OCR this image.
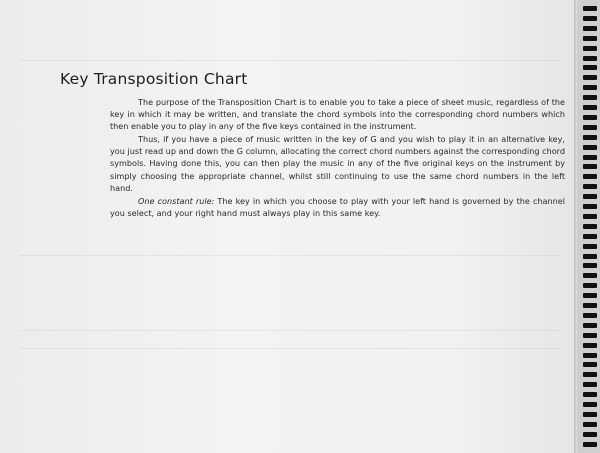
Key Transposition Chart

The purpose of the Transposition Chart is to enable you to take a piece of sheet music, regardless of the key in which it may be written, and translate the chord symbols into the corresponding chord numbers which then enable you to play in any of the five keys contained in the instrument.

Thus, if you have a piece of music written in the key of G and you wish to play it in an alternative key, you just read up and down the G column, allocating the correct chord numbers against the corresponding chord symbols. Having done this, you can then play the music in any of the five original keys on the instrument by simply choosing the appropriate channel, whilst still continuing to use the same chord numbers in the left hand.

One constant rule: The key in which you choose to play with your left hand is governed by the channel you select, and your right hand must always play in this same key.
